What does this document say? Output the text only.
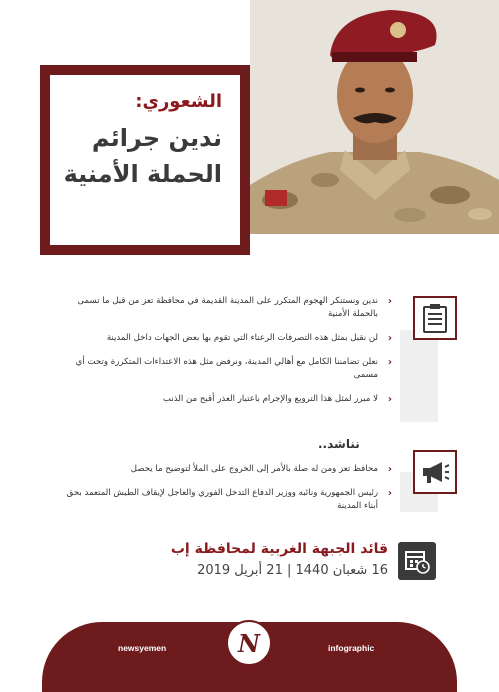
الشعوري:
ندين جرائم
الحملة الأمنية
‹
ندين ونستنكر الهجوم المتكرر على المدينة القديمة في محافظة تعز من قبل ما تسمى بالحملة الأمنية
‹
لن نقبل بمثل هذه التصرفات الرعناء التي تقوم بها بعض الجهات داخل المدينة
‹
نعلن تضامننا الكامل مع أهالي المدينة، ونرفض مثل هذه الاعتداءات المتكررة وتحت أي مسمى
‹
لا مبرر لمثل هذا الترويع والإجرام باعتبار العذر أقبح من الذنب
نناشد..
‹
محافظ تعز ومن له صلة بالأمر إلى الخروج على الملأ لتوضيح ما يحصل
‹
رئيس الجمهورية ونائبه ووزير الدفاع التدخل الفوري والعاجل لإيقاف الطيش المتعمد بحق أبناء المدينة
قائد الجبهة الغربية لمحافظة إب
16 شعبان 1440 | 21 أبريل 2019
newsyemen	infographic
N
